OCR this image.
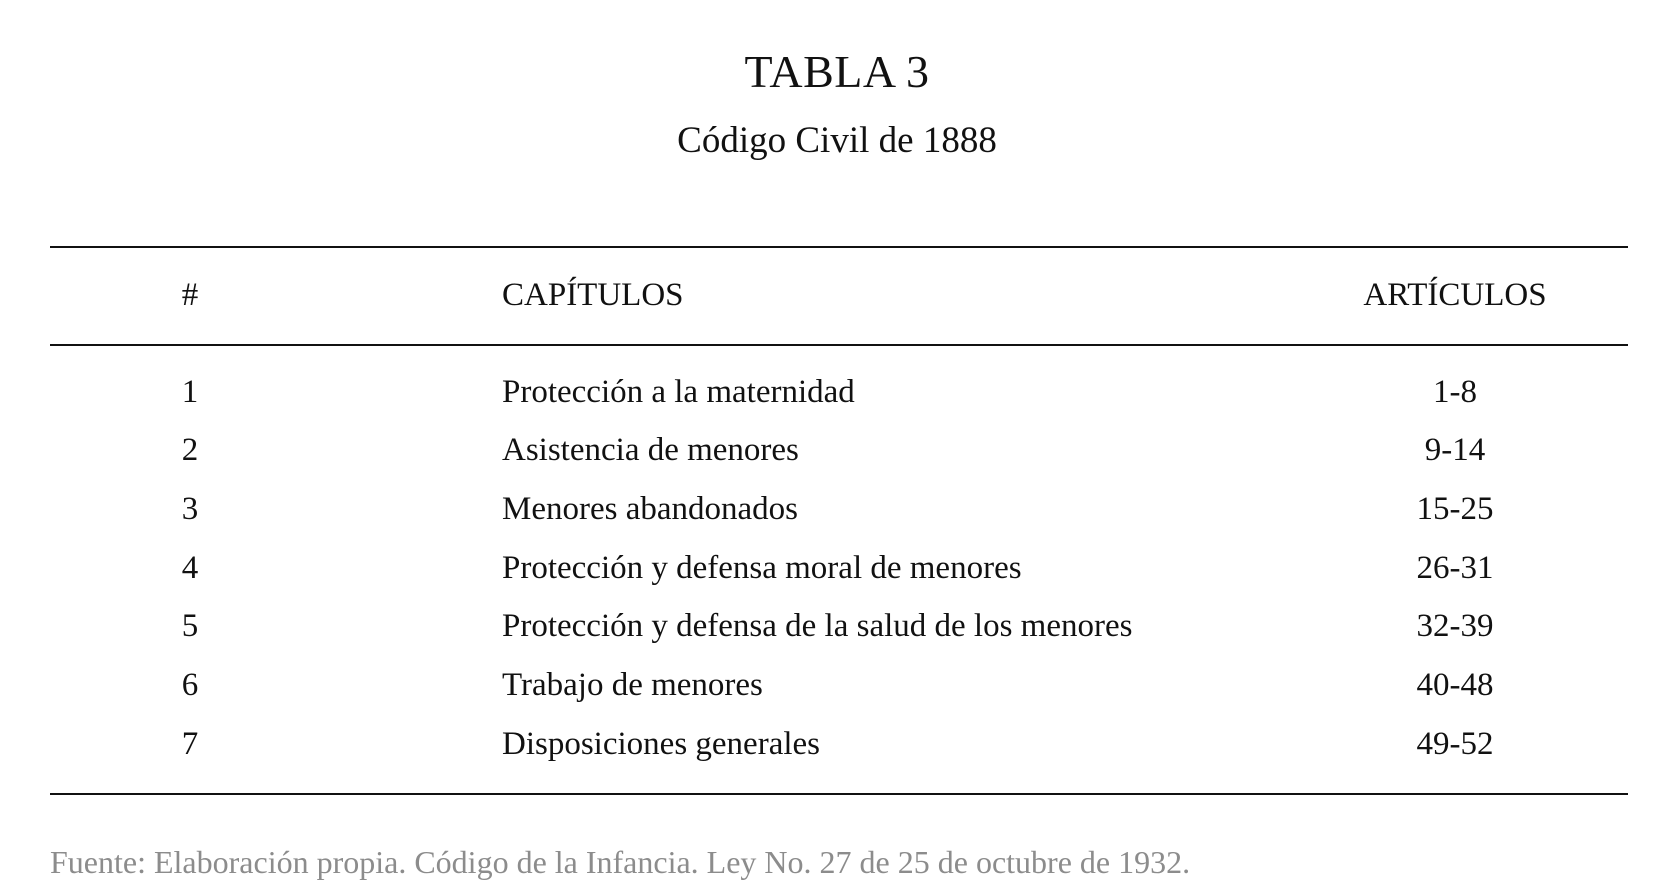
TABLA 3
Código Civil de 1888
#	CAPÍTULOS	ARTÍCULOS
1	Protección a la maternidad	1-8
2	Asistencia de menores	9-14
3	Menores abandonados	15-25
4	Protección y defensa moral de menores	26-31
5	Protección y defensa de la salud de los menores	32-39
6	Trabajo de menores	40-48
7	Disposiciones generales	49-52
Fuente: Elaboración propia. Código de la Infancia. Ley No. 27 de 25 de octubre de 1932.
